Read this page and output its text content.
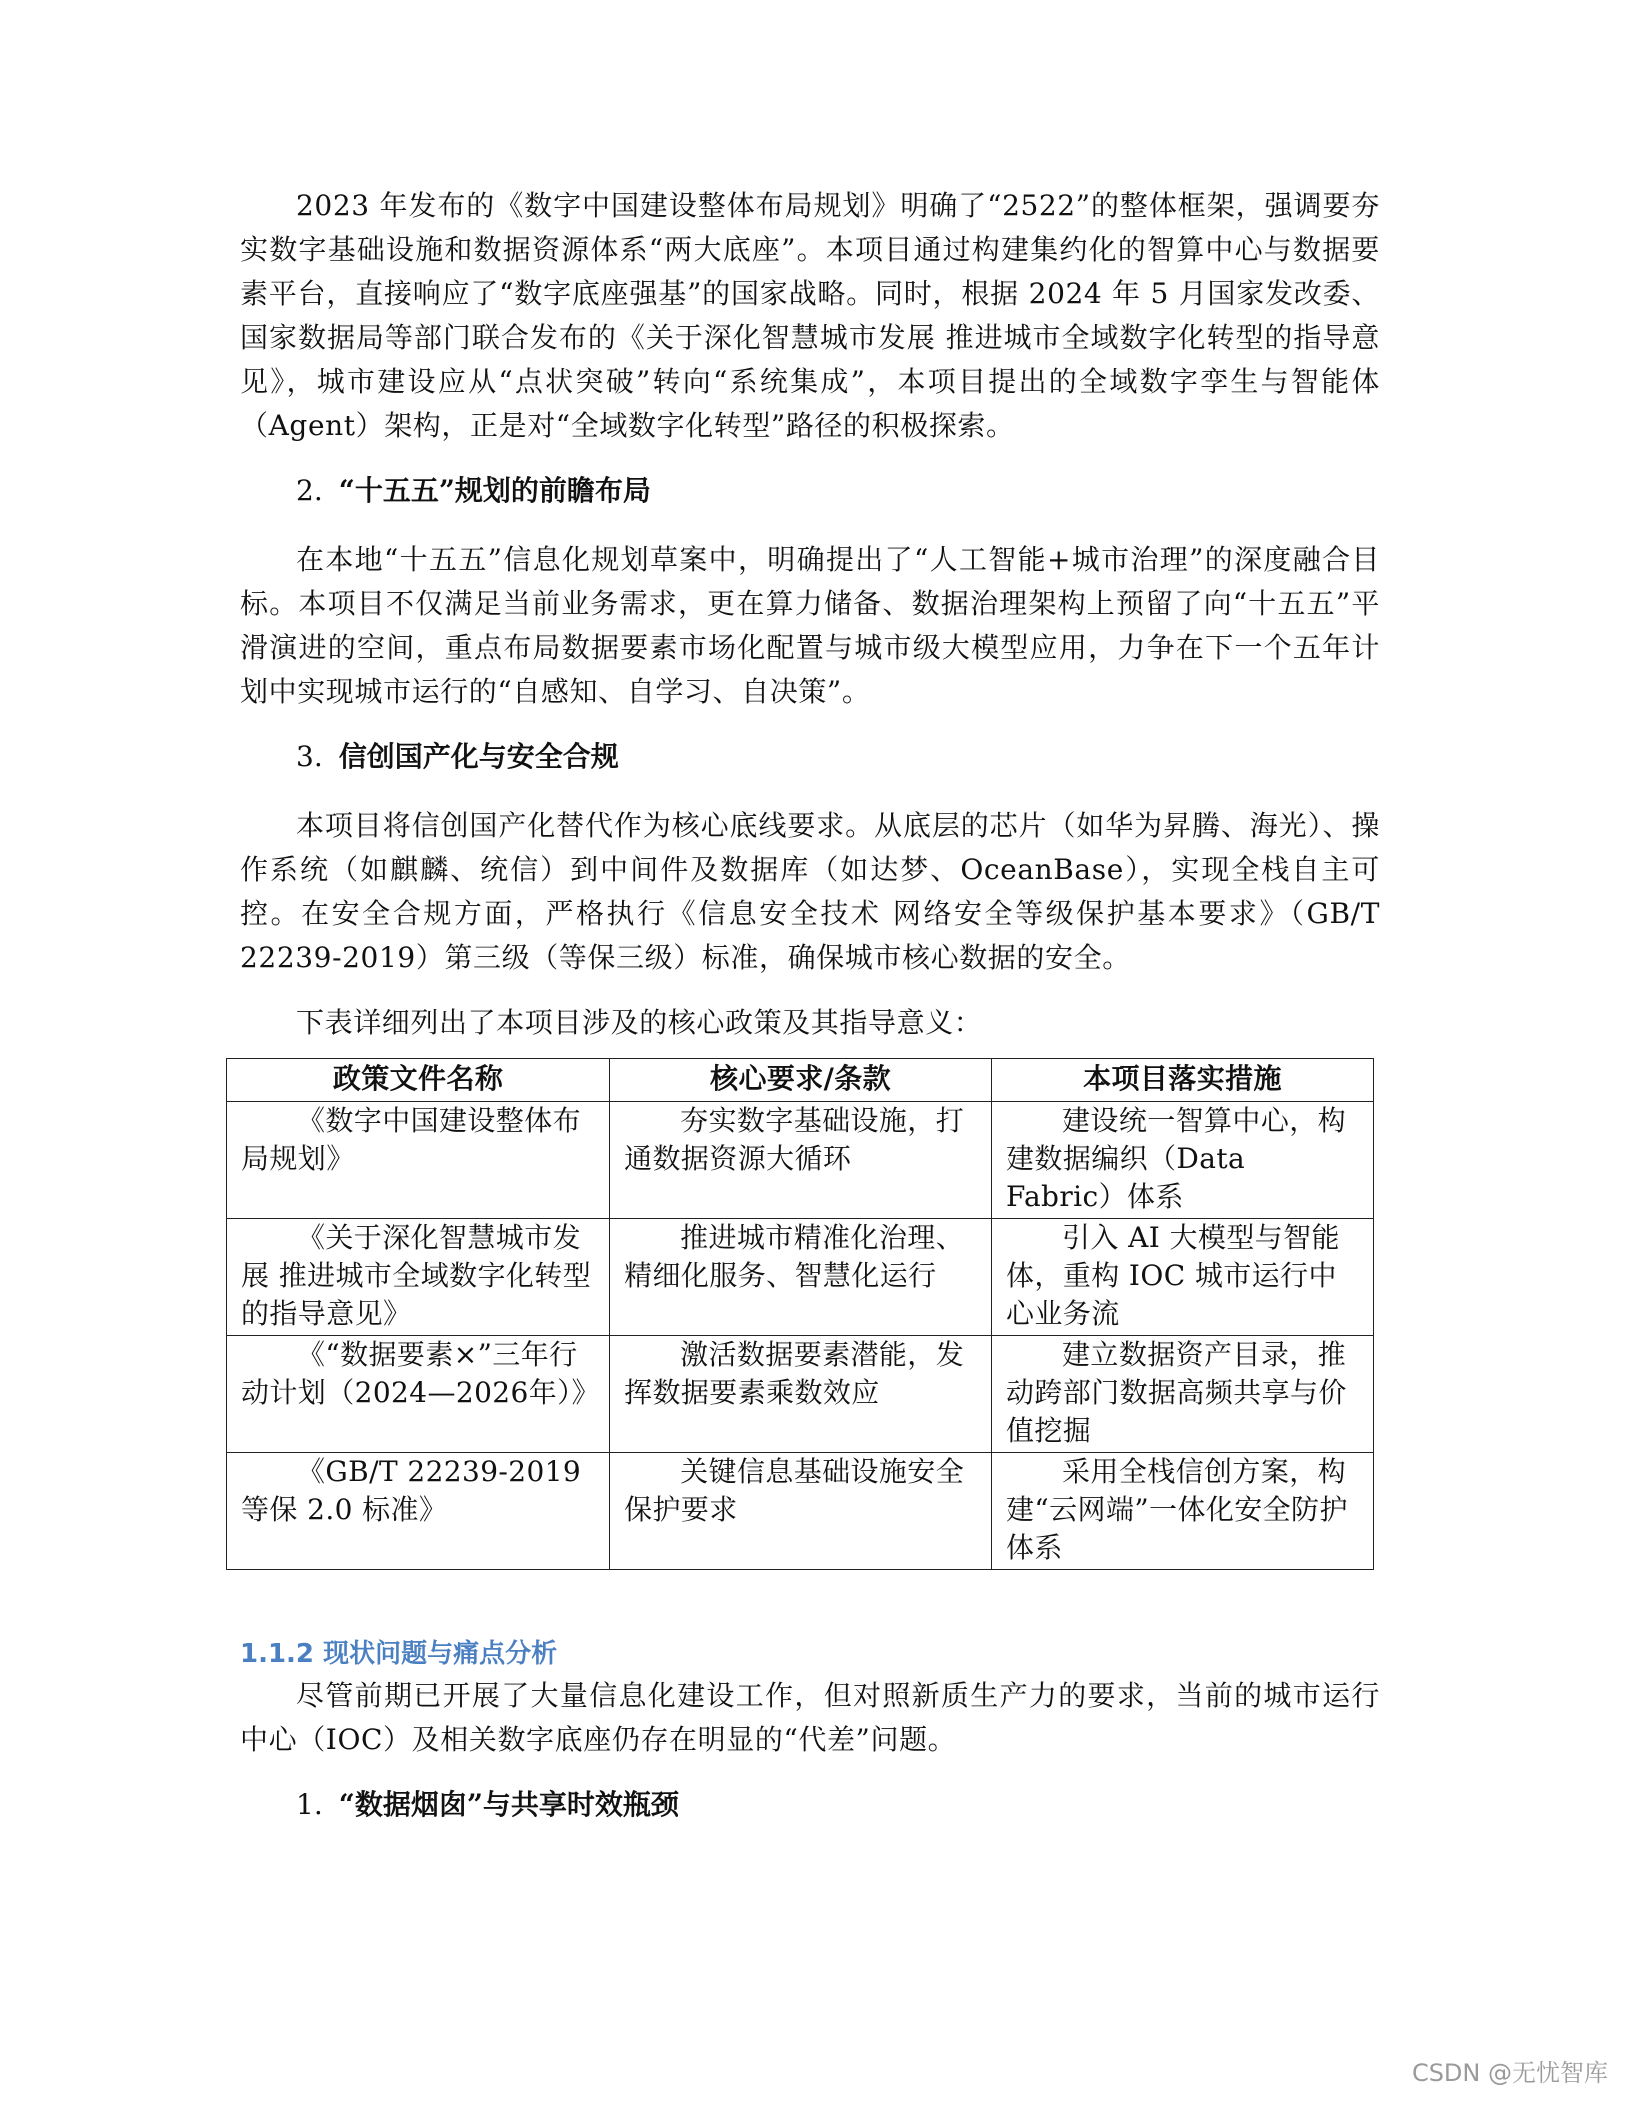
2023 年发布的《数字中国建设整体布局规划》明确了“2522”的整体框架，强调要夯实数字基础设施和数据资源体系“两大底座”。本项目通过构建集约化的智算中心与数据要素平台，直接响应了“数字底座强基”的国家战略。同时，根据 2024 年 5 月国家发改委、国家数据局等部门联合发布的《关于深化智慧城市发展 推进城市全域数字化转型的指导意见》，城市建设应从“点状突破”转向“系统集成”，本项目提出的全域数字孪生与智能体（Agent）架构，正是对“全域数字化转型”路径的积极探索。

2. “十五五”规划的前瞻布局

在本地“十五五”信息化规划草案中，明确提出了“人工智能+城市治理”的深度融合目标。本项目不仅满足当前业务需求，更在算力储备、数据治理架构上预留了向“十五五”平滑演进的空间，重点布局数据要素市场化配置与城市级大模型应用，力争在下一个五年计划中实现城市运行的“自感知、自学习、自决策”。

3. 信创国产化与安全合规

本项目将信创国产化替代作为核心底线要求。从底层的芯片（如华为昇腾、海光）、操作系统（如麒麟、统信）到中间件及数据库（如达梦、OceanBase），实现全栈自主可控。在安全合规方面，严格执行《信息安全技术 网络安全等级保护基本要求》（GB/T 22239-2019）第三级（等保三级）标准，确保城市核心数据的安全。

下表详细列出了本项目涉及的核心政策及其指导意义：

政策文件名称	核心要求/条款	本项目落实措施
《数字中国建设整体布局规划》	夯实数字基础设施，打通数据资源大循环	建设统一智算中心，构建数据编织（Data Fabric）体系
《关于深化智慧城市发展 推进城市全域数字化转型的指导意见》	推进城市精准化治理、精细化服务、智慧化运行	引入 AI 大模型与智能体，重构 IOC 城市运行中心业务流
《“数据要素×”三年行动计划（2024—2026年）》	激活数据要素潜能，发挥数据要素乘数效应	建立数据资产目录，推动跨部门数据高频共享与价值挖掘
《GB/T 22239-2019 等保 2.0 标准》	关键信息基础设施安全保护要求	采用全栈信创方案，构建“云网端”一体化安全防护体系
1.1.2 现状问题与痛点分析

尽管前期已开展了大量信息化建设工作，但对照新质生产力的要求，当前的城市运行中心（IOC）及相关数字底座仍存在明显的“代差”问题。

1. “数据烟囱”与共享时效瓶颈
CSDN @无忧智库
